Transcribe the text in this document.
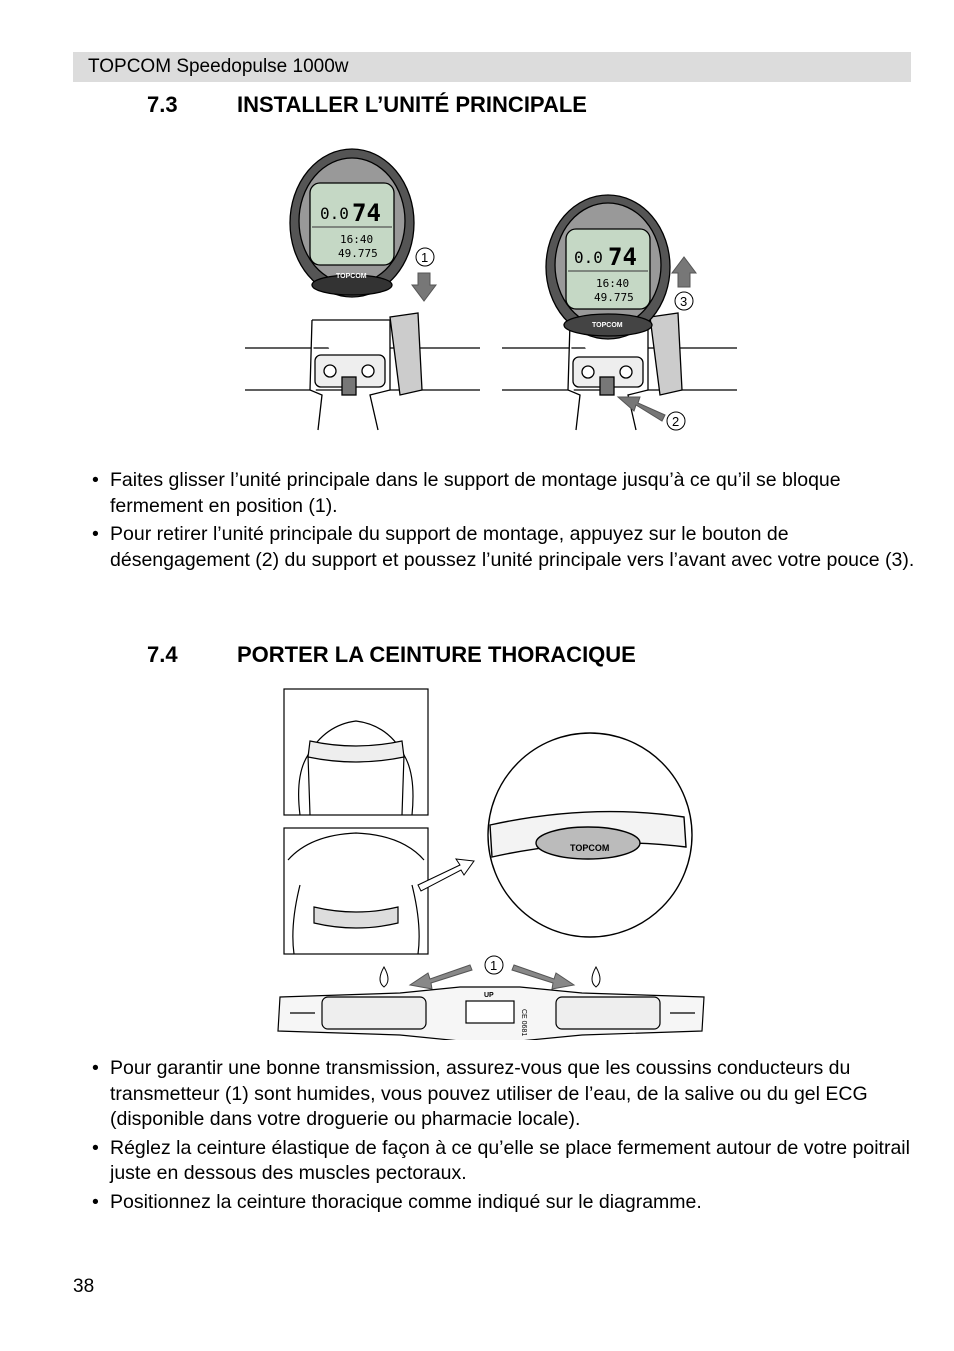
TOPCOM Speedopulse 1000w
7.3	INSTALLER L’UNITÉ PRINCIPALE
0.0 74
16:40
49.775
TOPCOM
1	0.0 74
16:40
49.775
TOPCOM
3
2
• Faites glisser l’unité principale dans le support de montage jusqu’à ce qu’il se bloque fermement en position (1).
• Pour retirer l’unité principale du support de montage, appuyez sur le bouton de désengagement (2) du support et poussez l’unité principale vers l’avant avec votre pouce (3).
7.4	PORTER LA CEINTURE THORACIQUE
TOPCOM
1
UP
CE 0681
• Pour garantir une bonne transmission, assurez-vous que les coussins conducteurs du transmetteur (1) sont humides, vous pouvez utiliser de l’eau, de la salive ou du gel ECG (disponible dans votre droguerie ou pharmacie locale).
• Réglez la ceinture élastique de façon à ce qu’elle se place fermement autour de votre poitrail juste en dessous des muscles pectoraux.
• Positionnez la ceinture thoracique comme indiqué sur le diagramme.
38
